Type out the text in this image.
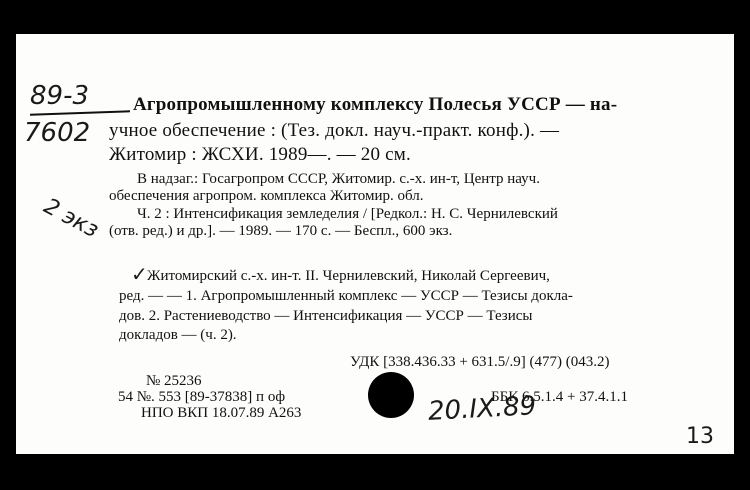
89-3
7602
2 экз
Агропромышленному комплексу Полесья УССР — на-
учное обеспечение : (Тез. докл. науч.-практ. конф.). —
Житомир : ЖСХИ. 1989—. — 20 см.
В надзаг.: Госагропром СССР, Житомир. с.-х. ин-т, Центр науч.
обеспечения агропром. комплекса Житомир. обл.
Ч. 2 : Интенсификация земледелия / [Редкол.: Н. С. Чернилевский
(отв. ред.) и др.]. — 1989. — 170 с. — Беспл., 600 экз.
✓ Житомирский с.-х. ин-т. II. Чернилевский, Николай Сергеевич,
ред. — — 1. Агропромышленный комплекс — УССР — Тезисы доклa-
дов. 2. Растениеводство — Интенсификация — УССР — Тезисы
докладов — (ч. 2).
УДК [338.436.33 + 631.5/.9] (477) (043.2)
№ 25236
54 №. 553 [89-37838] п оф
НПО ВКП 18.07.89 А263
ББК 6.5.1.4 + 37.4.1.1
20.IX.89
13
